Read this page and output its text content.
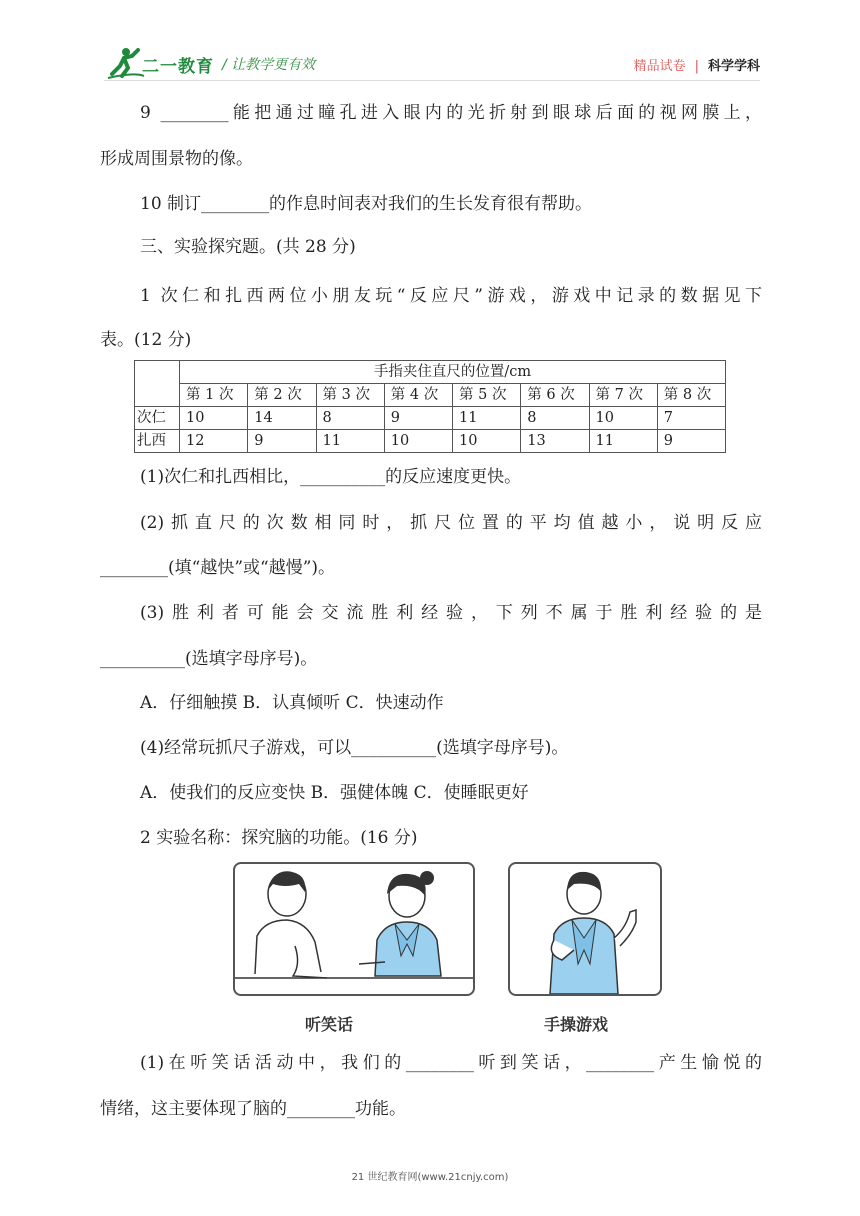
二一教育 / 让教学更有效	精品试卷 | 科学学科
9 ________能把通过瞳孔进入眼内的光折射到眼球后面的视网膜上，
形成周围景物的像。
10 制订________的作息时间表对我们的生长发育很有帮助。
三、实验探究题。(共 28 分)
1 次仁和扎西两位小朋友玩“反应尺”游戏，游戏中记录的数据见下
表。(12 分)
	手指夹住直尺的位置/cm							
	第 1 次	第 2 次	第 3 次	第 4 次	第 5 次	第 6 次	第 7 次	第 8 次
次仁	10	14	8	9	11	8	10	7
扎西	12	9	11	10	10	13	11	9
(1)次仁和扎西相比，__________的反应速度更快。
(2)抓直尺的次数相同时，抓尺位置的平均值越小，说明反应
________(填“越快”或“越慢”)。
(3)胜利者可能会交流胜利经验，下列不属于胜利经验的是
__________(选填字母序号)。
A．仔细触摸 B．认真倾听 C．快速动作
(4)经常玩抓尺子游戏，可以__________(选填字母序号)。
A．使我们的反应变快 B．强健体魄 C．使睡眠更好
2 实验名称：探究脑的功能。(16 分)
听笑话	手操游戏
(1)在听笑话活动中，我们的________听到笑话，________产生愉悦的
情绪，这主要体现了脑的________功能。
21 世纪教育网(www.21cnjy.com)
